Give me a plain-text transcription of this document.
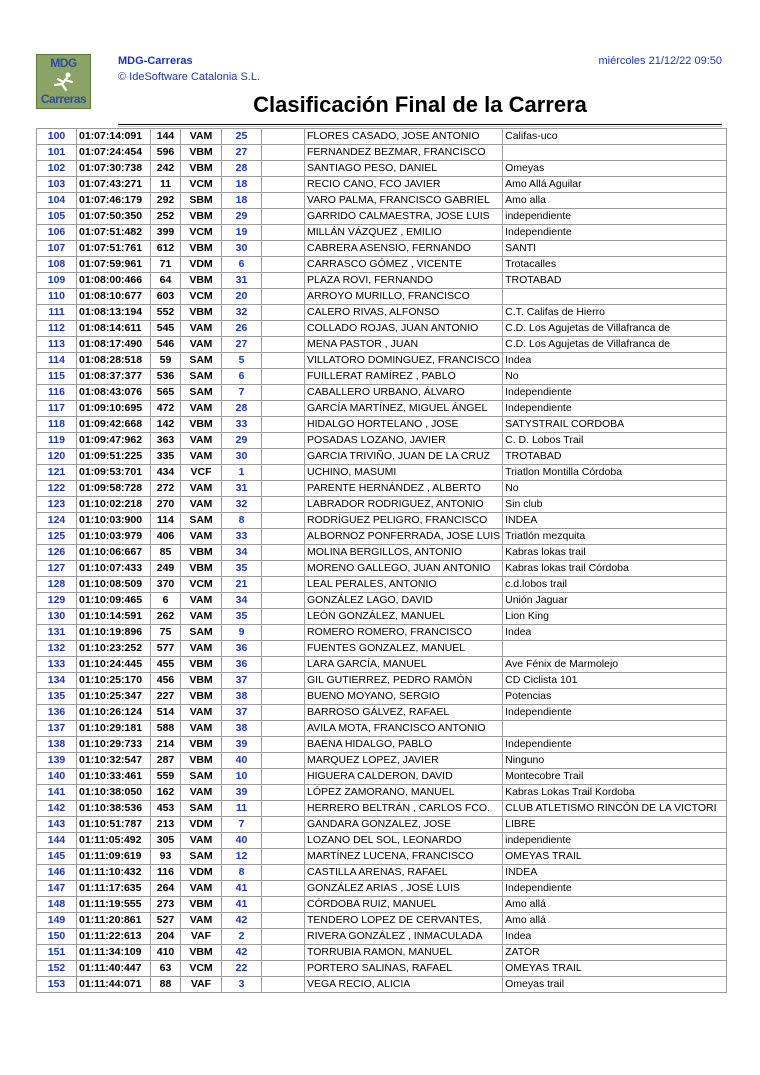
MDG
Carreras
MDG-Carreras
© IdeSoftware Catalonia S.L.
miércoles 21/12/22 09:50
Clasificación Final de la Carrera
100	01:07:14:091	144	VAM	25		FLORES CASADO, JOSE ANTONIO	Califas-uco
101	01:07:24:454	596	VBM	27		FERNANDEZ BEZMAR, FRANCISCO	
102	01:07:30:738	242	VBM	28		SANTIAGO PESO, DANIEL	Omeyas
103	01:07:43:271	11	VCM	18		RECIO CANO, FCO JAVIER	Amo Allá Aguilar
104	01:07:46:179	292	SBM	18		VARO PALMA, FRANCISCO GABRIEL	Amo alla
105	01:07:50:350	252	VBM	29		GARRIDO CALMAESTRA, JOSE LUIS	independiente
106	01:07:51:482	399	VCM	19		MILLÁN VÁZQUEZ , EMILIO	Independiente
107	01:07:51:761	612	VBM	30		CABRERA ASENSIO, FERNANDO	SANTI
108	01:07:59:961	71	VDM	6		CARRASCO GÓMEZ , VICENTE	Trotacalles
109	01:08:00:466	64	VBM	31		PLAZA ROVI, FERNANDO	TROTABAD
110	01:08:10:677	603	VCM	20		ARROYO MURILLO, FRANCISCO	
111	01:08:13:194	552	VBM	32		CALERO RIVAS, ALFONSO	C.T. Califas de Hierro
112	01:08:14:611	545	VAM	26		COLLADO ROJAS, JUAN ANTONIO	C.D. Los Agujetas de Villafranca de
113	01:08:17:490	546	VAM	27		MENA PASTOR , JUAN	C.D. Los Agujetas de Villafranca de
114	01:08:28:518	59	SAM	5		VILLATORO DOMINGUEZ, FRANCISCO	Indea
115	01:08:37:377	536	SAM	6		FUILLERAT RAMÍREZ , PABLO	No
116	01:08:43:076	565	SAM	7		CABALLERO URBANO, ÁLVARO	Independiente
117	01:09:10:695	472	VAM	28		GARCÍA MARTÍNEZ, MIGUEL ÁNGEL	Independiente
118	01:09:42:668	142	VBM	33		HIDALGO HORTELANO , JOSE	SATYSTRAIL CORDOBA
119	01:09:47:962	363	VAM	29		POSADAS LOZANO, JAVIER	C. D. Lobos Trail
120	01:09:51:225	335	VAM	30		GARCIA TRIVIÑO, JUAN DE LA CRUZ	TROTABAD
121	01:09:53:701	434	VCF	1		UCHINO, MASUMI	Triatlon Montilla Córdoba
122	01:09:58:728	272	VAM	31		PARENTE HERNÁNDEZ , ALBERTO	No
123	01:10:02:218	270	VAM	32		LABRADOR RODRIGUEZ, ANTONIO	Sin club
124	01:10:03:900	114	SAM	8		RODRÍGUEZ PELIGRO, FRANCISCO	INDEA
125	01:10:03:979	406	VAM	33		ALBORNOZ PONFERRADA, JOSE LUIS	Triatlón mezquita
126	01:10:06:667	85	VBM	34		MOLINA BERGILLOS, ANTONIO	Kabras lokas trail
127	01:10:07:433	249	VBM	35		MORENO GALLEGO, JUAN ANTONIO	Kabras lokas trail Córdoba
128	01:10:08:509	370	VCM	21		LEAL PERALES, ANTONIO	c.d.lobos trail
129	01:10:09:465	6	VAM	34		GONZÁLEZ LAGO, DAVID	Unión Jaguar
130	01:10:14:591	262	VAM	35		LEÓN GONZÁLEZ, MANUEL	Lion King
131	01:10:19:896	75	SAM	9		ROMERO ROMERO, FRANCISCO	Indea
132	01:10:23:252	577	VAM	36		FUENTES GONZALEZ, MANUEL	
133	01:10:24:445	455	VBM	36		LARA GARCÍA, MANUEL	Ave Fénix de Marmolejo
134	01:10:25:170	456	VBM	37		GIL GUTIERREZ, PEDRO RAMÓN	CD Ciclista 101
135	01:10:25:347	227	VBM	38		BUENO MOYANO, SERGIO	Potencias
136	01:10:26:124	514	VAM	37		BARROSO GÁLVEZ, RAFAEL	Independiente
137	01:10:29:181	588	VAM	38		AVILA MOTA, FRANCISCO ANTONIO	
138	01:10:29:733	214	VBM	39		BAENA HIDALGO, PABLO	Independiente
139	01:10:32:547	287	VBM	40		MARQUEZ LOPEZ, JAVIER	Ninguno
140	01:10:33:461	559	SAM	10		HIGUERA CALDERON, DAVID	Montecobre Trail
141	01:10:38:050	162	VAM	39		LÓPEZ ZAMORANO, MANUEL	Kabras Lokas Trail Kordoba
142	01:10:38:536	453	SAM	11		HERRERO BELTRÁN , CARLOS FCO.	CLUB ATLETISMO RINCÓN DE LA VICTORI
143	01:10:51:787	213	VDM	7		GANDARA GONZALEZ, JOSE	LIBRE
144	01:11:05:492	305	VAM	40		LOZANO DEL SOL, LEONARDO	independiente
145	01:11:09:619	93	SAM	12		MARTÍNEZ LUCENA, FRANCISCO	OMEYAS TRAIL
146	01:11:10:432	116	VDM	8		CASTILLA ARENAS, RAFAEL	INDEA
147	01:11:17:635	264	VAM	41		GONZÁLEZ ARIAS , JOSÉ LUIS	Independiente
148	01:11:19:555	273	VBM	41		CÓRDOBA RUIZ, MANUEL	Amo allá
149	01:11:20:861	527	VAM	42		TENDERO LOPEZ DE CERVANTES,	Amo allá
150	01:11:22:613	204	VAF	2		RIVERA GONZÁLEZ , INMACULADA	Indea
151	01:11:34:109	410	VBM	42		TORRUBIA RAMON, MANUEL	ZATOR
152	01:11:40:447	63	VCM	22		PORTERO SALINAS, RAFAEL	OMEYAS TRAIL
153	01:11:44:071	88	VAF	3		VEGA RECIO, ALICIA	Omeyas trail
